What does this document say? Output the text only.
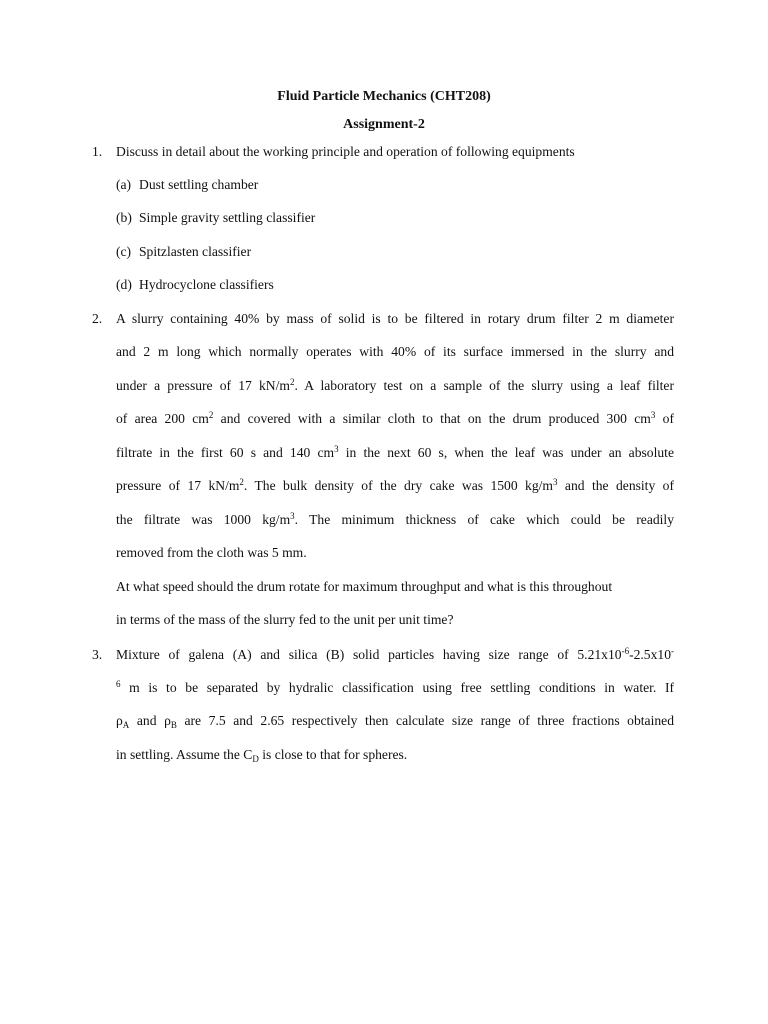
Fluid Particle Mechanics (CHT208)
Assignment-2
1. Discuss in detail about the working principle and operation of following equipments
(a) Dust settling chamber
(b) Simple gravity settling classifier
(c) Spitzlasten classifier
(d) Hydrocyclone classifiers
2. A slurry containing 40% by mass of solid is to be filtered in rotary drum filter 2 m diameter
and 2 m long which normally operates with 40% of its surface immersed in the slurry and
under a pressure of 17 $kN/m^2$. A laboratory test on a sample of the slurry using a leaf filter
of area 200 $cm^2$ and covered with a similar cloth to that on the drum produced 300 $cm^3$ of
filtrate in the first 60 s and 140 $cm^3$ in the next 60 s, when the leaf was under an absolute
pressure of 17 $kN/m^2$. The bulk density of the dry cake was 1500 $kg/m^3$ and the density of
the filtrate was 1000 $kg/m^3$. The minimum thickness of cake which could be readily
removed from the cloth was 5 mm.
At what speed should the drum rotate for maximum throughput and what is this throughout
in terms of the mass of the slurry fed to the unit per unit time?
3. Mixture of galena (A) and silica (B) solid particles having size range of $5.21x10^{-6}-2.5x10^-$
$^6$ m is to be separated by hydralic classification using free settling conditions in water. If
$\rho_A$ and $\rho_B$ are 7.5 and 2.65 respectively then calculate size range of three fractions obtained
in settling. Assume the $C_D$ is close to that for spheres.
